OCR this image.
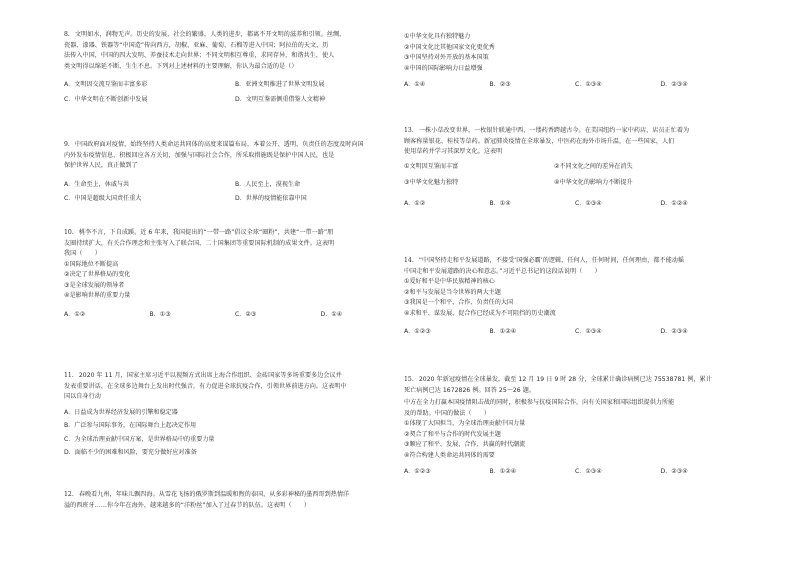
8. 文明如水，润物无声。历史的发展，社会的繁盛，人类的进步，都离不开文明的滋养和引领。丝绸、
瓷器、漆器、铁器等“中国造”传向西方，胡椒、亚麻、葡萄、石榴等进入中国；阿拉伯的天文、历
法传入中国，中国的四大发明、养蚕技术走向世界；不同文明相互尊重，求同存异，和谐共生，使人
类文明得以绵延不断、生生不息。下列对上述材料的主要理解，你认为最合适的是（）
A．文明因交流互鉴而丰富多彩	B．亚洲文明推进了世界文明发展
C．中华文明在不断创新中发展	D．文明互鉴需侧重借鉴人文精神
9. 中国政府面对疫情，始终坚持人类命运共同体的高度来谋篇布局，本着公开、透明、负责任的态度及时向国
内外发布疫情信息，积极回应各方关切，加强与国际社会合作，所采取措施既是保护中国人民，也是
保护世界人民，真正做到了
A．生命至上，休戚与共	B．人民至上，漠视生命
C．中国是超级大国责任重大	D．世界的疫情能依靠中国
10. 桃李不言，下自成蹊。近 6 年来，我国提出的“一带一路”倡议全球“圈粉”，共建“一带一路”朋
友圈持续扩大，有关合作理念和主张写入了联合国、二十国集团等重要国际机制的成果文件。这表明
我国（　　）
①国际地位不断提高
②决定了世界格局的变化
③是全球发展的领导者
④是影响世界的重要力量
A．①②	B．①③	C．②③	D．①④
11. 2020 年 11 月，国家主席习近平以视频方式出席上海合作组织、金砖国家等多场重要多边会议并
发表重要讲话，在全球多边舞台上发出时代强音，有力促进全球抗疫合作，引领世界前进方向。这表明中
国以自身行动
A．日益成为世界经济发展的引擎和稳定器
B．广泛参与国际事务，在国际舞台上起决定作用
C．为全球治理贡献中国方案，是世界格局中的重要力量
D．面临不少的困难和风险，要充分做好应对准备
12. 春晚看九州，年味儿飘四海。从雪花飞扬的俄罗斯到温暖和煦的泰国，从多彩神秘的墨西哥到热情洋
溢的西班牙……你今年在海外，越来越多的“洋粉丝”加入了过春节的队伍。这表明（　　）
①中华文化具有独特魅力
②中国文化比其他国家文化更优秀
③中国坚持对外开放的基本国策
④中国的国际影响力日益增强
A．①④	B．②③	C．①③④	D．②③④
13. 一株小草改变世界，一枚银针联通中西，一缕药香跨越古今。在美国纽约一家中药店，店员正忙着为
顾客称量银花、桂枝等草药。新冠肺炎疫情在全球暴发，中医药在海外市场升温，在一些国家，人们
使用草药并学习其深厚文化。这表明
①文明因互鉴而丰富	②不同文化之间的差异在消失
③中华文化魅力独特	④中华文化的影响力不断提升
A．①②	B．①④	C．①③④	D．①②④
14. “中国坚持走和平发展道路，不接受‘国强必霸’的逻辑，任何人，任何时间，任何理由，都不能动摇
中国走和平发展道路的决心和意志。”习近平总书记的这段话说明（　　）
①爱好和平是中华民族精神的核心
②和平与发展是当今世界的两大主题
③我国是一个和平、合作、负责任的大国
④求和平、谋发展、促合作已经成为不可阻挡的历史潮流
A．①②③	B．①②④	C．①③④	D．②③④
15. 2020 年新冠疫情在全球暴发，截至 12 月 19 日 9 时 28 分，全球累计确诊病例已达 75538781 例，累计
死亡病例已达 1672826 例。回答 25～26 题。
中方在全力打赢本国疫情阻击战的同时，积极参与抗疫国际合作，向有关国家和国际组织提供力所能
及的帮助。中国的做法（　　）
①体现了大国担当，为全球治理贡献中国力量
②契合了和平与合作的时代发展主题
③顺应了和平、发展、合作、共赢的时代潮流
④符合构建人类命运共同体的需要
A．①②③	B．①②④	C．①③④	D．②③④
